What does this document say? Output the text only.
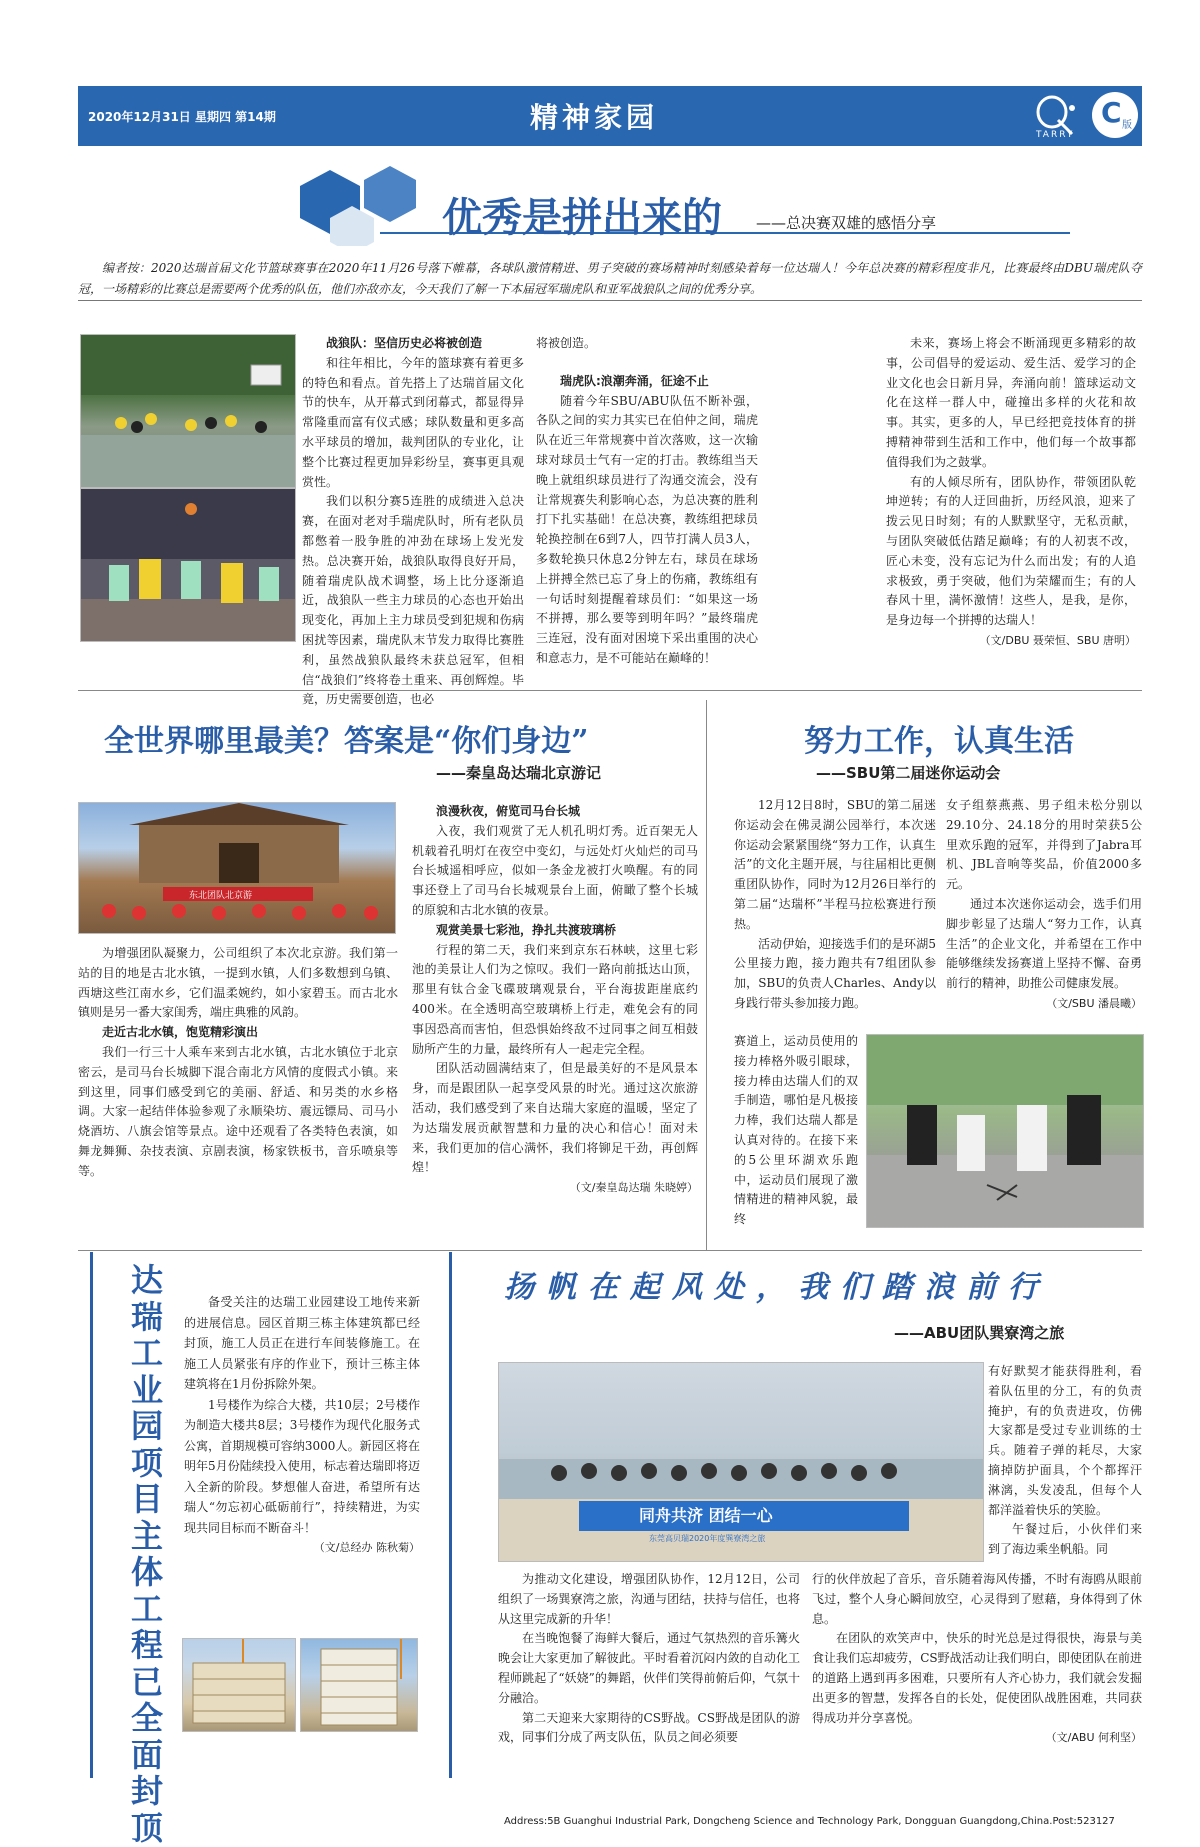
2020年12月31日 星期四 第14期	精神家园
TARRY
C 版
优秀是拼出来的 ——总决赛双雄的感悟分享

编者按：2020达瑞首届文化节篮球赛事在2020年11月26号落下帷幕，各球队激情精进、男子突破的赛场精神时刻感染着每一位达瑞人！今年总决赛的精彩程度非凡，比赛最终由DBU瑞虎队夺冠，一场精彩的比赛总是需要两个优秀的队伍，他们亦敌亦友，今天我们了解一下本届冠军瑞虎队和亚军战狼队之间的优秀分享。

战狼队：坚信历史必将被创造

和往年相比，今年的篮球赛有着更多的特色和看点。首先搭上了达瑞首届文化节的快车，从开幕式到闭幕式，都显得异常隆重而富有仪式感；球队数量和更多高水平球员的增加，裁判团队的专业化，让整个比赛过程更加异彩纷呈，赛事更具观赏性。

我们以积分赛5连胜的成绩进入总决赛，在面对老对手瑞虎队时，所有老队员都憋着一股争胜的冲劲在球场上发光发热。总决赛开始，战狼队取得良好开局，随着瑞虎队战术调整，场上比分逐渐追近，战狼队一些主力球员的心态也开始出现变化，再加上主力球员受到犯规和伤病困扰等因素，瑞虎队末节发力取得比赛胜利，虽然战狼队最终未获总冠军，但相信“战狼们”终将卷土重来、再创辉煌。毕竟，历史需要创造，也必

将被创造。

瑞虎队:浪潮奔涌，征途不止

随着今年SBU/ABU队伍不断补强，各队之间的实力其实已在伯仲之间，瑞虎队在近三年常规赛中首次落败，这一次输球对球员士气有一定的打击。教练组当天晚上就组织球员进行了沟通交流会，没有让常规赛失利影响心态，为总决赛的胜利打下扎实基础！在总决赛，教练组把球员轮换控制在6到7人，四节打满人员3人，多数轮换只休息2分钟左右，球员在球场上拼搏全然已忘了身上的伤痛，教练组有一句话时刻提醒着球员们：“如果这一场不拼搏，那么要等到明年吗？”最终瑞虎三连冠，没有面对困境下采出重围的决心和意志力，是不可能站在巅峰的！

未来，赛场上将会不断涌现更多精彩的故事，公司倡导的爱运动、爱生活、爱学习的企业文化也会日新月异，奔涌向前！篮球运动文化在这样一群人中，碰撞出多样的火花和故事。其实，更多的人，早已经把竞技体育的拼搏精神带到生活和工作中，他们每一个故事都值得我们为之鼓掌。

有的人倾尽所有，团队协作，带领团队乾坤逆转；有的人迂回曲折，历经风浪，迎来了拨云见日时刻；有的人默默坚守，无私贡献，与团队突破低估踏足巅峰；有的人初衷不改，匠心未变，没有忘记为什么而出发；有的人追求极致，勇于突破，他们为荣耀而生；有的人春风十里，满怀激情！这些人，是我，是你，是身边每一个拼搏的达瑞人！

（文/DBU 聂荣恒、SBU 唐明）

全世界哪里最美？答案是“你们身边”
——秦皇岛达瑞北京游记
东北团队北京游

为增强团队凝聚力，公司组织了本次北京游。我们第一站的目的地是古北水镇，一提到水镇，人们多数想到乌镇、西塘这些江南水乡，它们温柔婉约，如小家碧玉。而古北水镇则是另一番大家闺秀，端庄典雅的风韵。

走近古北水镇，饱览精彩演出

我们一行三十人乘车来到古北水镇，古北水镇位于北京密云，是司马台长城脚下混合南北方风情的度假式小镇。来到这里，同事们感受到它的美丽、舒适、和另类的水乡格调。大家一起结伴体验参观了永顺染坊、震远镖局、司马小烧酒坊、八旗会馆等景点。途中还观看了各类特色表演，如舞龙舞狮、杂技表演、京剧表演，杨家铁板书，音乐喷泉等等。

浪漫秋夜，俯览司马台长城

入夜，我们观赏了无人机孔明灯秀。近百架无人机载着孔明灯在夜空中变幻，与远处灯火灿烂的司马台长城遥相呼应，似如一条金龙被打火唤醒。有的同事还登上了司马台长城观景台上面，俯瞰了整个长城的原貌和古北水镇的夜景。

观赏美景七彩池，挣扎共渡玻璃桥

行程的第二天，我们来到京东石林峡，这里七彩池的美景让人们为之惊叹。我们一路向前抵达山顶，那里有钛合金飞碟玻璃观景台，平台海拔距崖底约400米。在全透明高空玻璃桥上行走，难免会有的同事因恐高而害怕，但恐惧始终敌不过同事之间互相鼓励所产生的力量，最终所有人一起走完全程。

团队活动圆满结束了，但是最美好的不是风景本身，而是跟团队一起享受风景的时光。通过这次旅游活动，我们感受到了来自达瑞大家庭的温暖，坚定了为达瑞发展贡献智慧和力量的决心和信心！面对未来，我们更加的信心满怀，我们将铆足干劲，再创辉煌！

（文/秦皇岛达瑞 朱晓婷）

努力工作，认真生活
——SBU第二届迷你运动会

12月12日8时，SBU的第二届迷你运动会在佛灵湖公园举行，本次迷你运动会紧紧围绕“努力工作，认真生活”的文化主题开展，与往届相比更侧重团队协作，同时为12月26日举行的第二届“达瑞杯”半程马拉松赛进行预热。

活动伊始，迎接选手们的是环湖5公里接力跑，接力跑共有7组团队参加，SBU的负责人Charles、Andy以身践行带头参加接力跑。

赛道上，运动员使用的接力棒格外吸引眼球，接力棒由达瑞人们的双手制造，哪怕是凡极接力棒，我们达瑞人都是认真对待的。在接下来的5公里环湖欢乐跑中，运动员们展现了激情精进的精神风貌，最终

女子组蔡燕燕、男子组未松分别以29.10分、24.18分的用时荣获5公里欢乐跑的冠军，并得到了Jabra耳机、JBL音响等奖品，价值2000多元。

通过本次迷你运动会，选手们用脚步彰显了达瑞人“努力工作，认真生活”的企业文化，并希望在工作中能够继续发扬赛道上坚持不懈、奋勇前行的精神，助推公司健康发展。

（文/SBU 潘晨曦）

达瑞工业园项目主体工程已全面封顶

备受关注的达瑞工业园建设工地传来新的进展信息。园区首期三栋主体建筑都已经封顶，施工人员正在进行车间装修施工。在施工人员紧张有序的作业下，预计三栋主体建筑将在1月份拆除外架。

1号楼作为综合大楼，共10层；2号楼作为制造大楼共8层；3号楼作为现代化服务式公寓，首期规模可容纳3000人。新园区将在明年5月份陆续投入使用，标志着达瑞即将迈入全新的阶段。梦想催人奋进，希望所有达瑞人“勿忘初心砥砺前行”，持续精进，为实现共同目标而不断奋斗！

（文/总经办 陈秋菊）

扬帆在起风处，我们踏浪前行
——ABU团队巽寮湾之旅
同舟共济 团结一心
东莞高贝瑞2020年度巽寮湾之旅

有好默契才能获得胜利，看着队伍里的分工，有的负责掩护，有的负责进攻，仿佛大家都是受过专业训练的士兵。随着子弹的耗尽，大家摘掉防护面具，个个都挥汗淋漓，头发凌乱，但每个人都洋溢着快乐的笑脸。

午餐过后，小伙伴们来到了海边乘坐帆船。同

为推动文化建设，增强团队协作，12月12日，公司组织了一场巽寮湾之旅，沟通与团结，扶持与信任，也将从这里完成新的升华！

在当晚饱餐了海鲜大餐后，通过气氛热烈的音乐篝火晚会让大家更加了解彼此。平时看着沉闷内敛的自动化工程师跳起了“妖娆”的舞蹈，伙伴们笑得前俯后仰，气氛十分融洽。

第二天迎来大家期待的CS野战。CS野战是团队的游戏，同事们分成了两支队伍，队员之间必须要

行的伙伴放起了音乐，音乐随着海风传播，不时有海鸥从眼前飞过，整个人身心瞬间放空，心灵得到了慰藉，身体得到了休息。

在团队的欢笑声中，快乐的时光总是过得很快，海景与美食让我们忘却疲劳，CS野战活动让我们明白，即使团队在前进的道路上遇到再多困难，只要所有人齐心协力，我们就会发掘出更多的智慧，发挥各自的长处，促使团队战胜困难，共同获得成功并分享喜悦。

（文/ABU 何利坚）

Address:5B Guanghui Industrial Park, Dongcheng Science and Technology Park, Dongguan Guangdong,China.Post:523127
